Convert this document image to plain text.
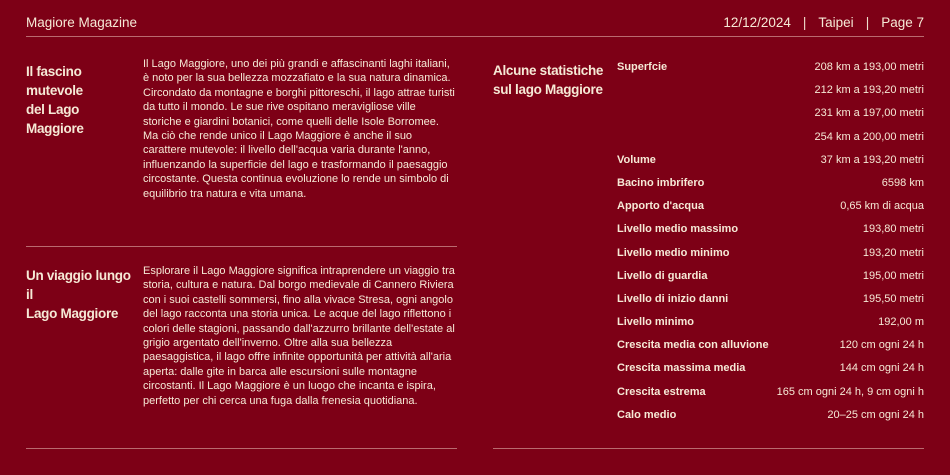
Magiore Magazine	12/12/2024 | Taipei | Page 7
Il fascino mutevole
del Lago Maggiore
Il Lago Maggiore, uno dei più grandi e affascinanti laghi italiani, è noto per la sua bellezza mozzafiato e la sua natura dinamica. Circondato da montagne e borghi pittoreschi, il lago attrae turisti da tutto il mondo. Le sue rive ospitano meravigliose ville storiche e giardini botanici, come quelli delle Isole Borromee. Ma ciò che rende unico il Lago Maggiore è anche il suo carattere mutevole: il livello dell'acqua varia durante l'anno, influenzando la superficie del lago e trasformando il paesaggio circostante. Questa continua evoluzione lo rende un simbolo di equilibrio tra natura e vita umana.
Un viaggio lungo il
Lago Maggiore
Esplorare il Lago Maggiore significa intraprendere un viaggio tra storia, cultura e natura. Dal borgo medievale di Cannero Riviera con i suoi castelli sommersi, fino alla vivace Stresa, ogni angolo del lago racconta una storia unica. Le acque del lago riflettono i colori delle stagioni, passando dall'azzurro brillante dell'estate al grigio argentato dell'inverno. Oltre alla sua bellezza paesaggistica, il lago offre infinite opportunità per attività all'aria aperta: dalle gite in barca alle escursioni sulle montagne circostanti. Il Lago Maggiore è un luogo che incanta e ispira, perfetto per chi cerca una fuga dalla frenesia quotidiana.
Alcune statistiche
sul lago Maggiore
Superfcie	208 km a 193,00 metri
212 km a 193,20 metri
231 km a 197,00 metri
254 km a 200,00 metri
Volume	37 km a 193,20 metri
Bacino imbrifero	6598 km
Apporto d'acqua	0,65 km di acqua
Livello medio massimo	193,80 metri
Livello medio minimo	193,20 metri
Livello di guardia	195,00 metri
Livello di inizio danni	195,50 metri
Livello minimo	192,00 m
Crescita media con alluvione	120 cm ogni 24 h
Crescita massima media	144 cm ogni 24 h
Crescita estrema	165 cm ogni 24 h, 9 cm ogni h
Calo medio	20–25 cm ogni 24 h
